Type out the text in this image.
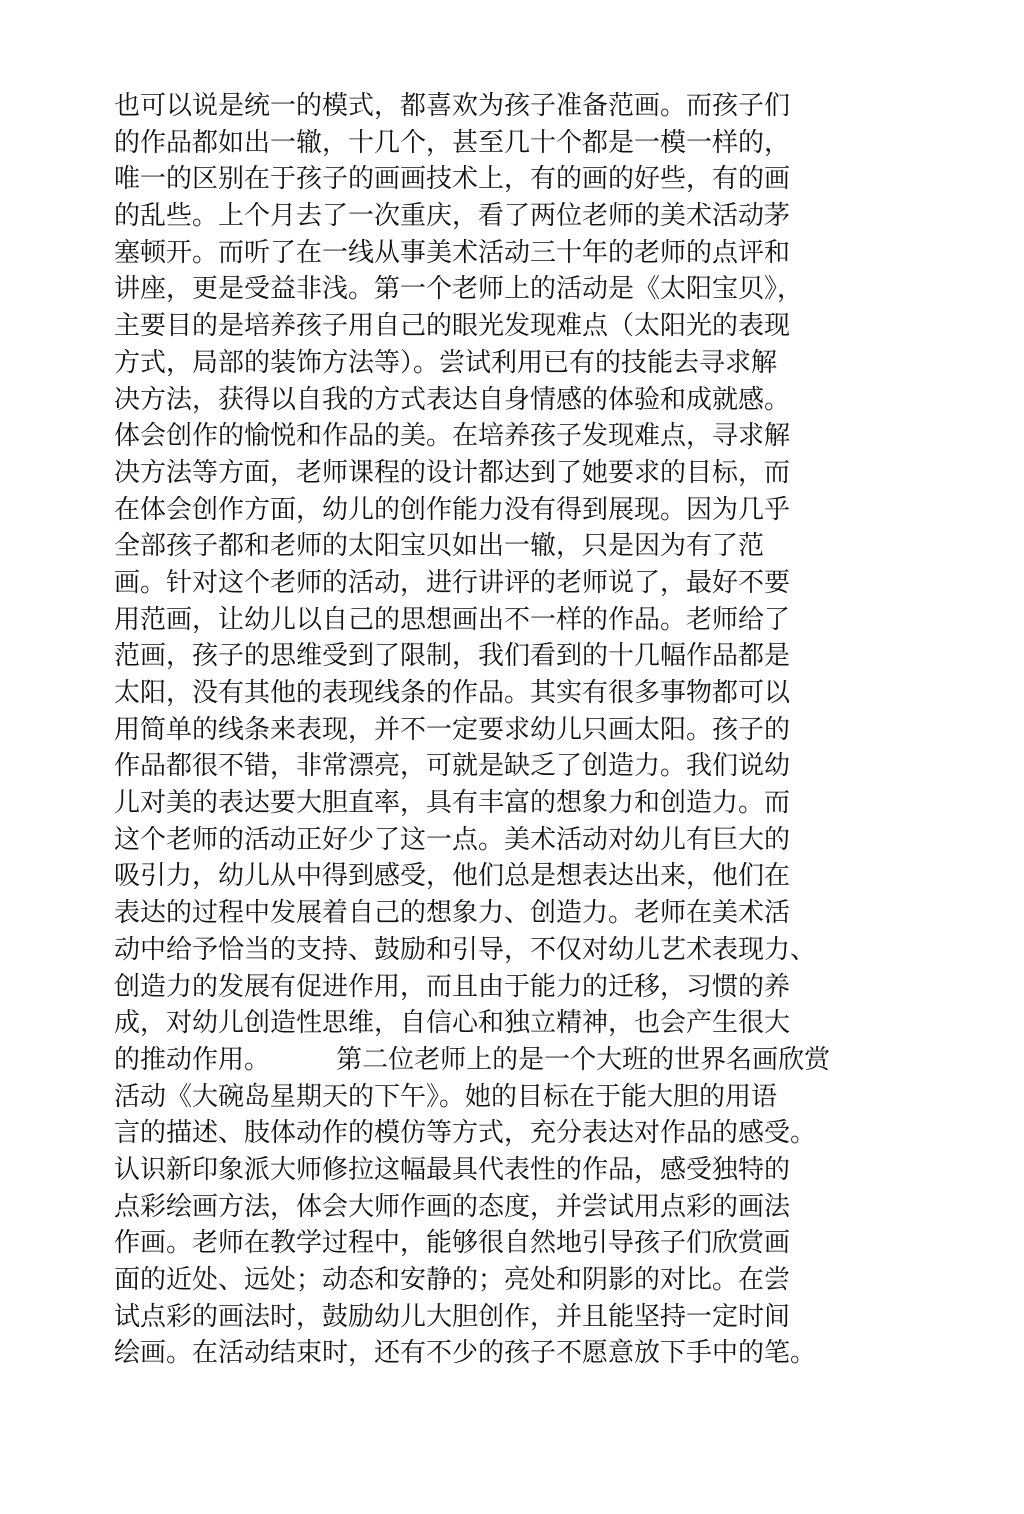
也可以说是统一的模式，都喜欢为孩子准备范画。而孩子们
的作品都如出一辙，十几个，甚至几十个都是一模一样的，
唯一的区别在于孩子的画画技术上，有的画的好些，有的画
的乱些。上个月去了一次重庆，看了两位老师的美术活动茅
塞顿开。而听了在一线从事美术活动三十年的老师的点评和
讲座，更是受益非浅。第一个老师上的活动是《太阳宝贝》，
主要目的是培养孩子用自己的眼光发现难点（太阳光的表现
方式，局部的装饰方法等）。尝试利用已有的技能去寻求解
决方法，获得以自我的方式表达自身情感的体验和成就感。
体会创作的愉悦和作品的美。在培养孩子发现难点，寻求解
决方法等方面，老师课程的设计都达到了她要求的目标，而
在体会创作方面，幼儿的创作能力没有得到展现。因为几乎
全部孩子都和老师的太阳宝贝如出一辙，只是因为有了范
画。针对这个老师的活动，进行讲评的老师说了，最好不要
用范画，让幼儿以自己的思想画出不一样的作品。老师给了
范画，孩子的思维受到了限制，我们看到的十几幅作品都是
太阳，没有其他的表现线条的作品。其实有很多事物都可以
用简单的线条来表现，并不一定要求幼儿只画太阳。孩子的
作品都很不错，非常漂亮，可就是缺乏了创造力。我们说幼
儿对美的表达要大胆直率，具有丰富的想象力和创造力。而
这个老师的活动正好少了这一点。美术活动对幼儿有巨大的
吸引力，幼儿从中得到感受，他们总是想表达出来，他们在
表达的过程中发展着自己的想象力、创造力。老师在美术活
动中给予恰当的支持、鼓励和引导，不仅对幼儿艺术表现力、
创造力的发展有促进作用，而且由于能力的迁移，习惯的养
成，对幼儿创造性思维，自信心和独立精神，也会产生很大
的推动作用。        第二位老师上的是一个大班的世界名画欣赏
活动《大碗岛星期天的下午》。她的目标在于能大胆的用语
言的描述、肢体动作的模仿等方式，充分表达对作品的感受。
认识新印象派大师修拉这幅最具代表性的作品，感受独特的
点彩绘画方法，体会大师作画的态度，并尝试用点彩的画法
作画。老师在教学过程中，能够很自然地引导孩子们欣赏画
面的近处、远处；动态和安静的；亮处和阴影的对比。在尝
试点彩的画法时，鼓励幼儿大胆创作，并且能坚持一定时间
绘画。在活动结束时，还有不少的孩子不愿意放下手中的笔。
